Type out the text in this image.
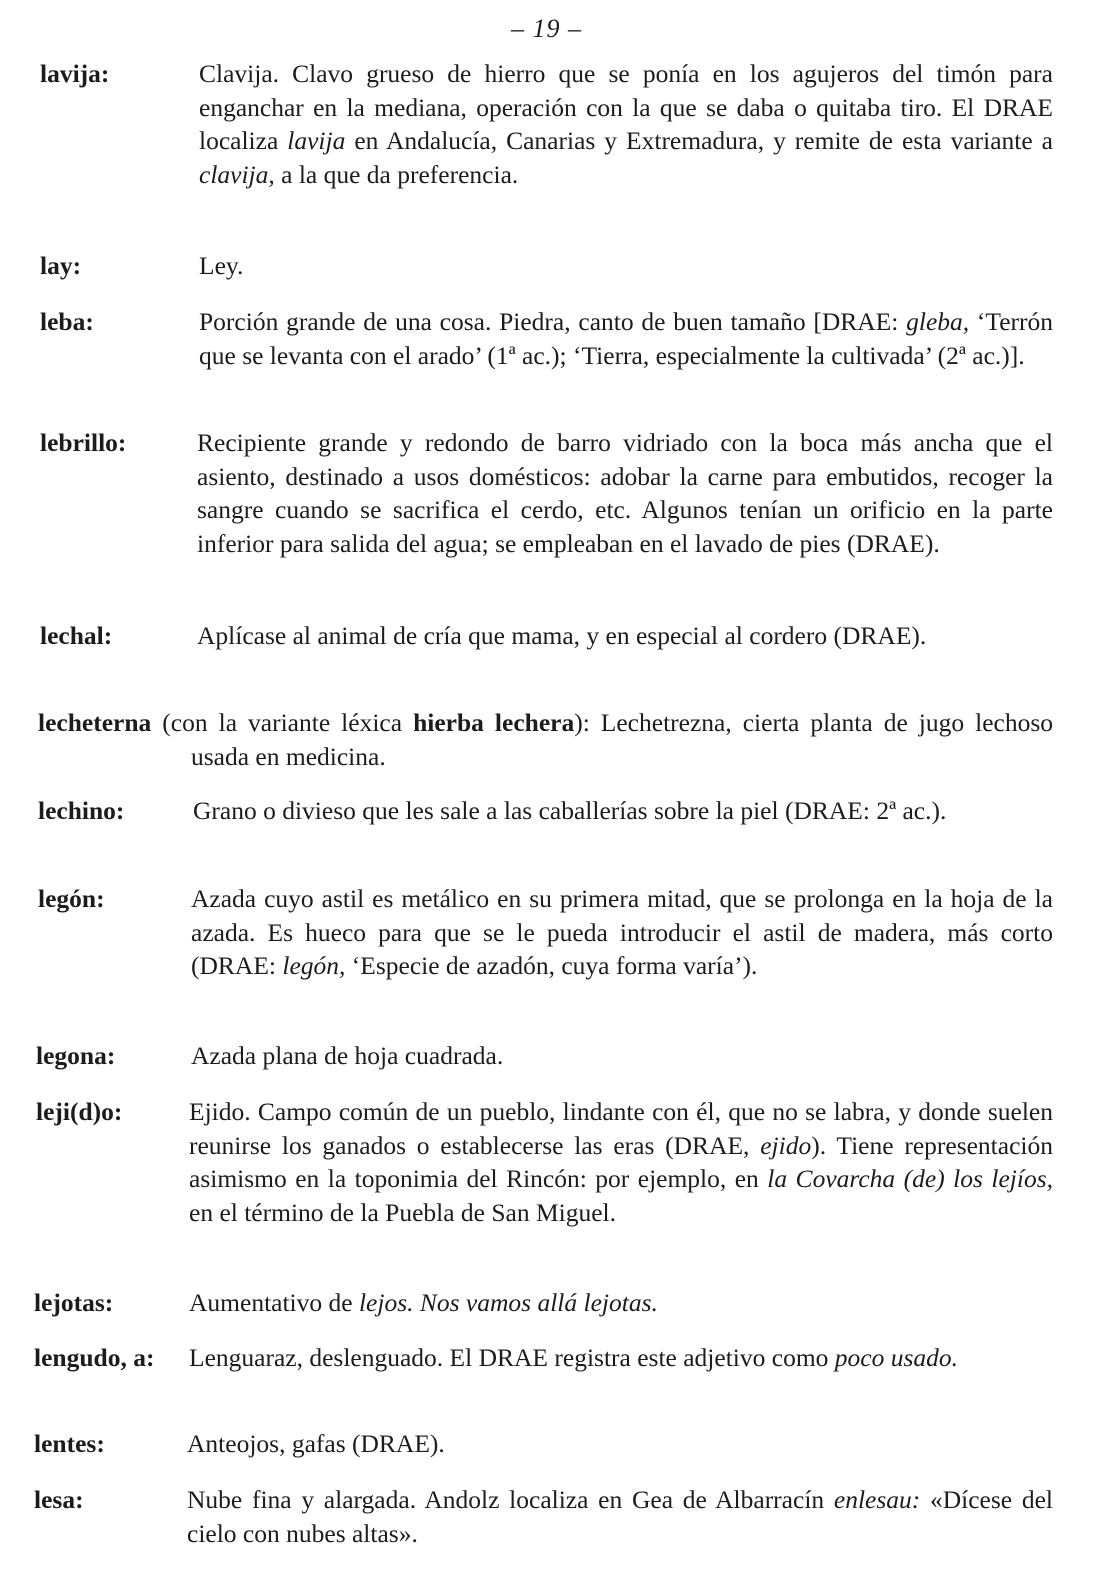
– 19 –
lavija:	Clavija. Clavo grueso de hierro que se ponía en los agujeros del timón para enganchar en la mediana, operación con la que se daba o quitaba tiro. El DRAE localiza lavija en Andalucía, Canarias y Extremadura, y remite de esta variante a clavija, a la que da preferencia.
lay:	Ley.
leba:	Porción grande de una cosa. Piedra, canto de buen tamaño [DRAE: gleba, ‘Terrón que se levanta con el arado’ (1ª ac.); ‘Tierra, especialmente la cultivada’ (2ª ac.)].
lebrillo:	Recipiente grande y redondo de barro vidriado con la boca más ancha que el asiento, destinado a usos domésticos: adobar la carne para embutidos, recoger la sangre cuando se sacrifica el cerdo, etc. Algunos tenían un orificio en la parte inferior para salida del agua; se empleaban en el lavado de pies (DRAE).
lechal:	Aplícase al animal de cría que mama, y en especial al cordero (DRAE).
lecheterna (con la variante léxica hierba lechera): Lechetrezna, cierta planta de jugo lechoso usada en medicina.
lechino:	Grano o divieso que les sale a las caballerías sobre la piel (DRAE: 2ª ac.).
legón:	Azada cuyo astil es metálico en su primera mitad, que se prolonga en la hoja de la azada. Es hueco para que se le pueda introducir el astil de madera, más corto (DRAE: legón, ‘Especie de azadón, cuya forma varía’).
legona:	Azada plana de hoja cuadrada.
leji(d)o:	Ejido. Campo común de un pueblo, lindante con él, que no se labra, y donde suelen reunirse los ganados o establecerse las eras (DRAE, ejido). Tiene representación asimismo en la toponimia del Rincón: por ejemplo, en la Covarcha (de) los lejíos, en el término de la Puebla de San Miguel.
lejotas:	Aumentativo de lejos. Nos vamos allá lejotas.
lengudo, a: Lenguaraz, deslenguado. El DRAE registra este adjetivo como poco usado.
lentes:	Anteojos, gafas (DRAE).
lesa:	Nube fina y alargada. Andolz localiza en Gea de Albarracín enlesau: «Dícese del cielo con nubes altas».
